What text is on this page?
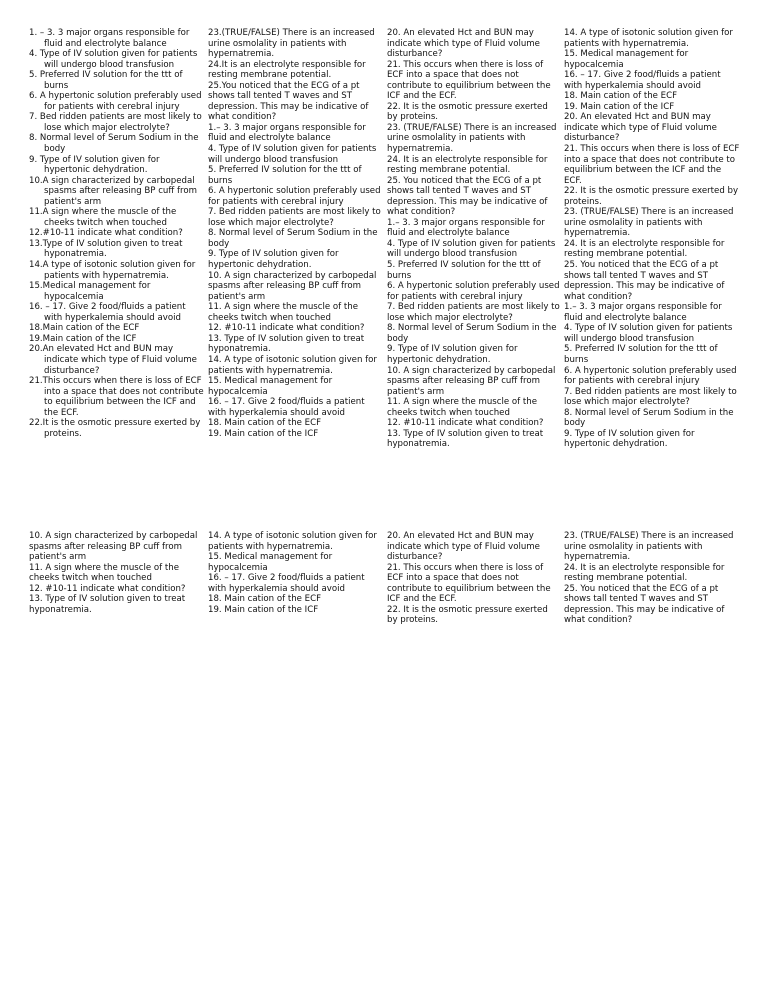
1. – 3. 3 major organs responsible for fluid and electrolyte balance

4. Type of IV solution given for patients will undergo blood transfusion

5. Preferred IV solution for the ttt of burns

6. A hypertonic solution preferably used for patients with cerebral injury

7. Bed ridden patients are most likely to lose which major electrolyte?

8. Normal level of Serum Sodium in the body

9. Type of IV solution given for hypertonic dehydration.

10.A sign characterized by carbopedal spasms after releasing BP cuff from patient's arm

11.A sign where the muscle of the cheeks twitch when touched

12.#10-11 indicate what condition?

13.Type of IV solution given to treat hyponatremia.

14.A type of isotonic solution given for patients with hypernatremia.

15.Medical management for hypocalcemia

16. – 17. Give 2 food/fluids a patient with hyperkalemia should avoid

18.Main cation of the ECF

19.Main cation of the ICF

20.An elevated Hct and BUN may indicate which type of Fluid volume disturbance?

21.This occurs when there is loss of ECF into a space that does not contribute to equilibrium between the ICF and the ECF.

22.It is the osmotic pressure exerted by proteins.

23.(TRUE/FALSE) There is an increased urine osmolality in patients with hypernatremia.

24.It is an electrolyte responsible for resting membrane potential.

25.You noticed that the ECG of a pt shows tall tented T waves and ST depression. This may be indicative of what condition?

1.– 3. 3 major organs responsible for fluid and electrolyte balance

4. Type of IV solution given for patients will undergo blood transfusion

5. Preferred IV solution for the ttt of burns

6. A hypertonic solution preferably used for patients with cerebral injury

7. Bed ridden patients are most likely to lose which major electrolyte?

8. Normal level of Serum Sodium in the body

9. Type of IV solution given for hypertonic dehydration.

10. A sign characterized by carbopedal spasms after releasing BP cuff from patient's arm

11. A sign where the muscle of the cheeks twitch when touched

12. #10-11 indicate what condition?

13. Type of IV solution given to treat hyponatremia.

14. A type of isotonic solution given for patients with hypernatremia.

15. Medical management for hypocalcemia

16. – 17. Give 2 food/fluids a patient with hyperkalemia should avoid

18. Main cation of the ECF

19. Main cation of the ICF

20. An elevated Hct and BUN may indicate which type of Fluid volume disturbance?

21. This occurs when there is loss of ECF into a space that does not contribute to equilibrium between the ICF and the ECF.

22. It is the osmotic pressure exerted by proteins.

23. (TRUE/FALSE) There is an increased urine osmolality in patients with hypernatremia.

24. It is an electrolyte responsible for resting membrane potential.

25. You noticed that the ECG of a pt shows tall tented T waves and ST depression. This may be indicative of what condition?

1.– 3. 3 major organs responsible for fluid and electrolyte balance

4. Type of IV solution given for patients will undergo blood transfusion

5. Preferred IV solution for the ttt of burns

6. A hypertonic solution preferably used for patients with cerebral injury

7. Bed ridden patients are most likely to lose which major electrolyte?

8. Normal level of Serum Sodium in the body

9. Type of IV solution given for hypertonic dehydration.

10. A sign characterized by carbopedal spasms after releasing BP cuff from patient's arm

11. A sign where the muscle of the cheeks twitch when touched

12. #10-11 indicate what condition?

13. Type of IV solution given to treat hyponatremia.

14. A type of isotonic solution given for patients with hypernatremia.

15. Medical management for hypocalcemia

16. – 17. Give 2 food/fluids a patient with hyperkalemia should avoid

18. Main cation of the ECF

19. Main cation of the ICF

20. An elevated Hct and BUN may indicate which type of Fluid volume disturbance?

21. This occurs when there is loss of ECF into a space that does not contribute to equilibrium between the ICF and the ECF.

22. It is the osmotic pressure exerted by proteins.

23. (TRUE/FALSE) There is an increased urine osmolality in patients with hypernatremia.

24. It is an electrolyte responsible for resting membrane potential.

25. You noticed that the ECG of a pt shows tall tented T waves and ST depression. This may be indicative of what condition?

1.– 3. 3 major organs responsible for fluid and electrolyte balance

4. Type of IV solution given for patients will undergo blood transfusion

5. Preferred IV solution for the ttt of burns

6. A hypertonic solution preferably used for patients with cerebral injury

7. Bed ridden patients are most likely to lose which major electrolyte?

8. Normal level of Serum Sodium in the body

9. Type of IV solution given for hypertonic dehydration.

10. A sign characterized by carbopedal spasms after releasing BP cuff from patient's arm

11. A sign where the muscle of the cheeks twitch when touched

12. #10-11 indicate what condition?

13. Type of IV solution given to treat hyponatremia.

14. A type of isotonic solution given for patients with hypernatremia.

15. Medical management for hypocalcemia

16. – 17. Give 2 food/fluids a patient with hyperkalemia should avoid

18. Main cation of the ECF

19. Main cation of the ICF

20. An elevated Hct and BUN may indicate which type of Fluid volume disturbance?

21. This occurs when there is loss of ECF into a space that does not contribute to equilibrium between the ICF and the ECF.

22. It is the osmotic pressure exerted by proteins.

23. (TRUE/FALSE) There is an increased urine osmolality in patients with hypernatremia.

24. It is an electrolyte responsible for resting membrane potential.

25. You noticed that the ECG of a pt shows tall tented T waves and ST depression. This may be indicative of what condition?
